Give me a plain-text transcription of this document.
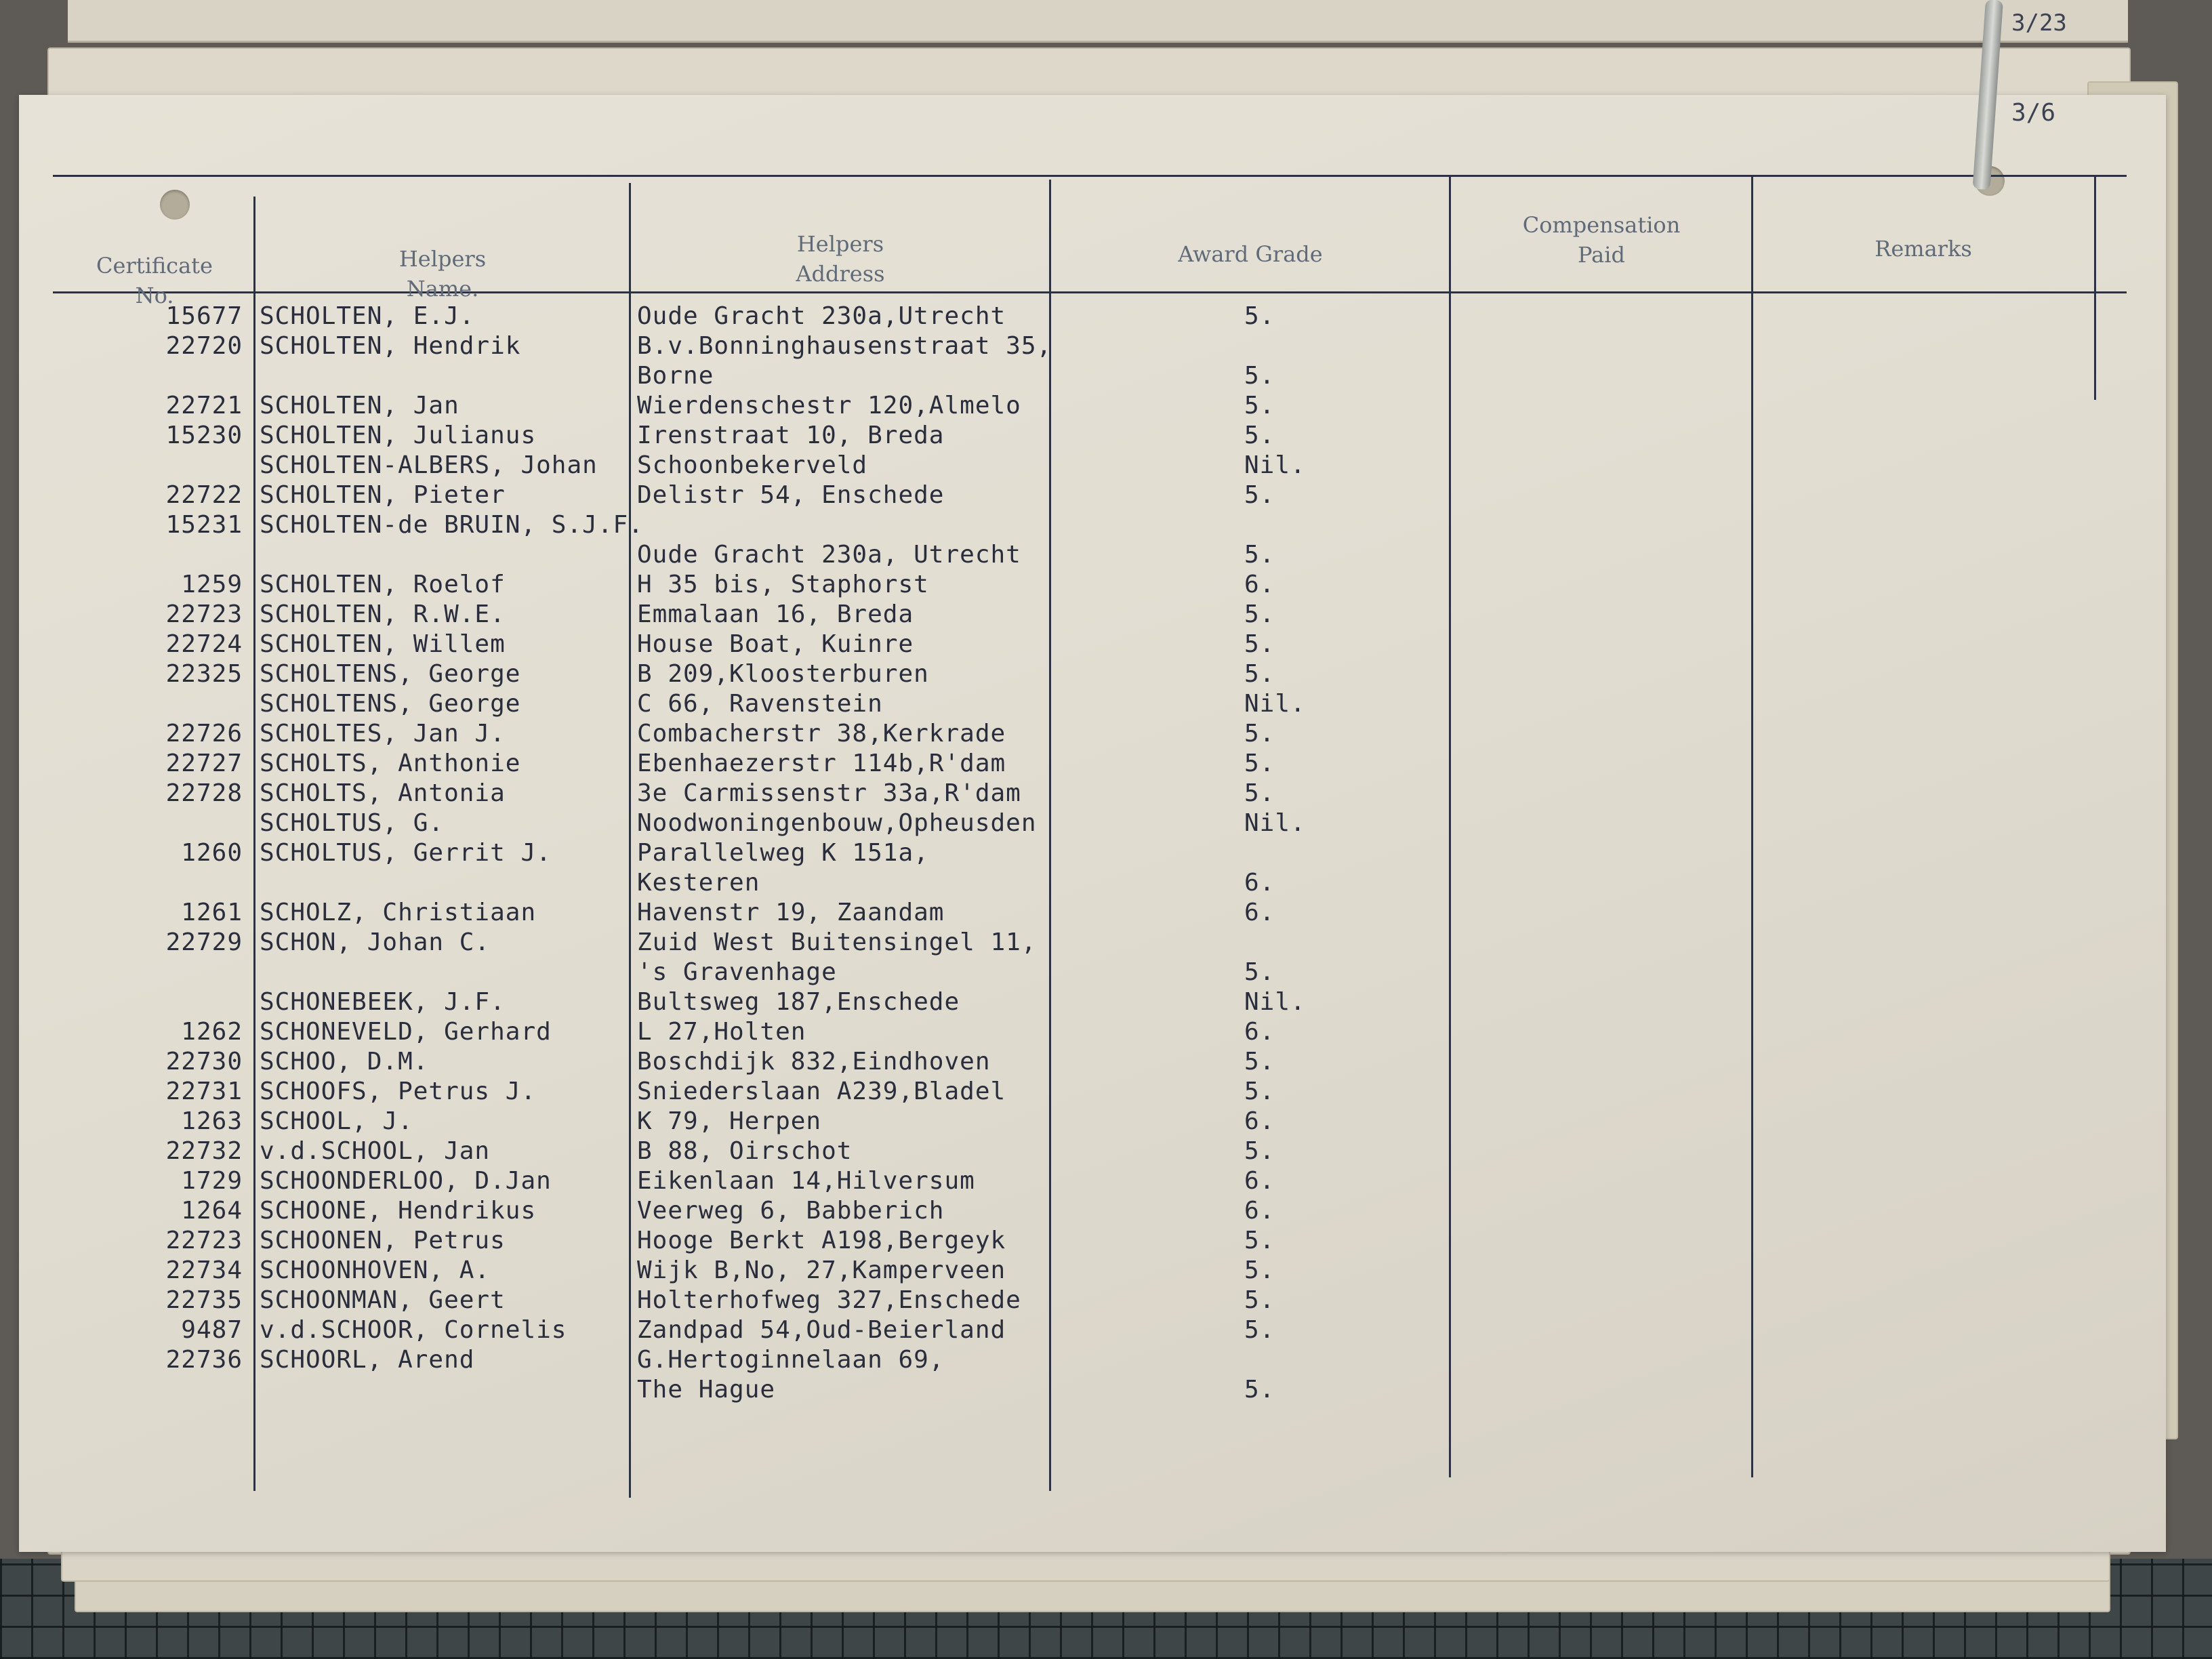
3/23
3/6
Certificate
No.
Helpers
Name.
Helpers
Address
Award Grade
Compensation
Paid	Remarks
15677 SCHOLTEN, E.J.	Oude Gracht 230a,Utrecht	5.
22720 SCHOLTEN, Hendrik	B.v.Bonninghausenstraat 35,
Borne	5.
22721 SCHOLTEN, Jan	Wierdenschestr 120,Almelo	5.
15230 SCHOLTEN, Julianus	Irenstraat 10, Breda	5.
SCHOLTEN-ALBERS, Johan	Schoonbekerveld	Nil.
22722 SCHOLTEN, Pieter	Delistr 54, Enschede	5.
15231 SCHOLTEN-de BRUIN, S.J.F.
Oude Gracht 230a, Utrecht	5.
1259 SCHOLTEN, Roelof	H 35 bis, Staphorst	6.
22723 SCHOLTEN, R.W.E.	Emmalaan 16, Breda	5.
22724 SCHOLTEN, Willem	House Boat, Kuinre	5.
22325 SCHOLTENS, George	B 209,Kloosterburen	5.
SCHOLTENS, George	C 66, Ravenstein	Nil.
22726 SCHOLTES, Jan J.	Combacherstr 38,Kerkrade	5.
22727 SCHOLTS, Anthonie	Ebenhaezerstr 114b,R'dam	5.
22728 SCHOLTS, Antonia	3e Carmissenstr 33a,R'dam	5.
SCHOLTUS, G.	Noodwoningenbouw,Opheusden	Nil.
1260 SCHOLTUS, Gerrit J.	Parallelweg K 151a,
Kesteren	6.
1261 SCHOLZ, Christiaan	Havenstr 19, Zaandam	6.
22729 SCHON, Johan C.	Zuid West Buitensingel 11,
's Gravenhage	5.
SCHONEBEEK, J.F.	Bultsweg 187,Enschede	Nil.
1262 SCHONEVELD, Gerhard	L 27,Holten	6.
22730 SCHOO, D.M.	Boschdijk 832,Eindhoven	5.
22731 SCHOOFS, Petrus J.	Sniederslaan A239,Bladel	5.
1263 SCHOOL, J.	K 79, Herpen	6.
22732 v.d.SCHOOL, Jan	B 88, Oirschot	5.
1729 SCHOONDERLOO, D.Jan	Eikenlaan 14,Hilversum	6.
1264 SCHOONE, Hendrikus	Veerweg 6, Babberich	6.
22723 SCHOONEN, Petrus	Hooge Berkt A198,Bergeyk	5.
22734 SCHOONHOVEN, A.	Wijk B,No, 27,Kamperveen	5.
22735 SCHOONMAN, Geert	Holterhofweg 327,Enschede	5.
9487 v.d.SCHOOR, Cornelis	Zandpad 54,Oud-Beierland	5.
22736 SCHOORL, Arend	G.Hertoginnelaan 69,
The Hague	5.
